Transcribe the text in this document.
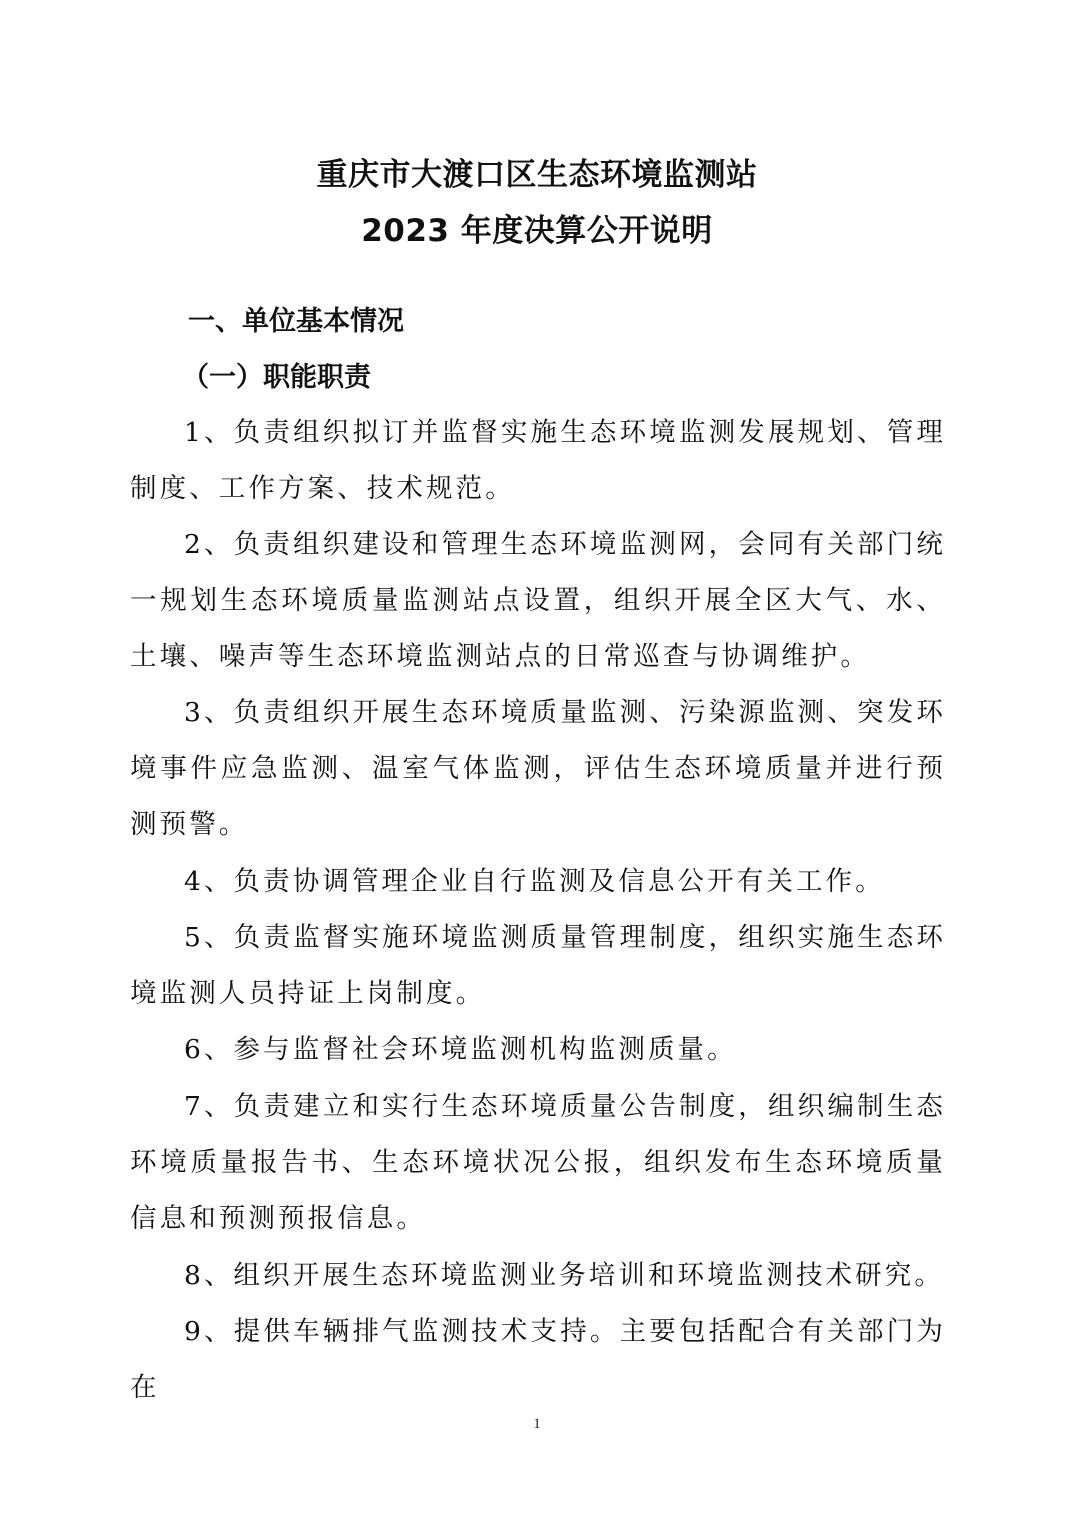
重庆市大渡口区生态环境监测站
2023 年度决算公开说明
一、单位基本情况
（一）职能职责
1、负责组织拟订并监督实施生态环境监测发展规划、管理制度、工作方案、技术规范。
2、负责组织建设和管理生态环境监测网，会同有关部门统一规划生态环境质量监测站点设置，组织开展全区大气、水、土壤、噪声等生态环境监测站点的日常巡查与协调维护。
3、负责组织开展生态环境质量监测、污染源监测、突发环境事件应急监测、温室气体监测，评估生态环境质量并进行预测预警。
4、负责协调管理企业自行监测及信息公开有关工作。
5、负责监督实施环境监测质量管理制度，组织实施生态环境监测人员持证上岗制度。
6、参与监督社会环境监测机构监测质量。
7、负责建立和实行生态环境质量公告制度，组织编制生态环境质量报告书、生态环境状况公报，组织发布生态环境质量信息和预测预报信息。
8、组织开展生态环境监测业务培训和环境监测技术研究。
9、提供车辆排气监测技术支持。主要包括配合有关部门为在
1
